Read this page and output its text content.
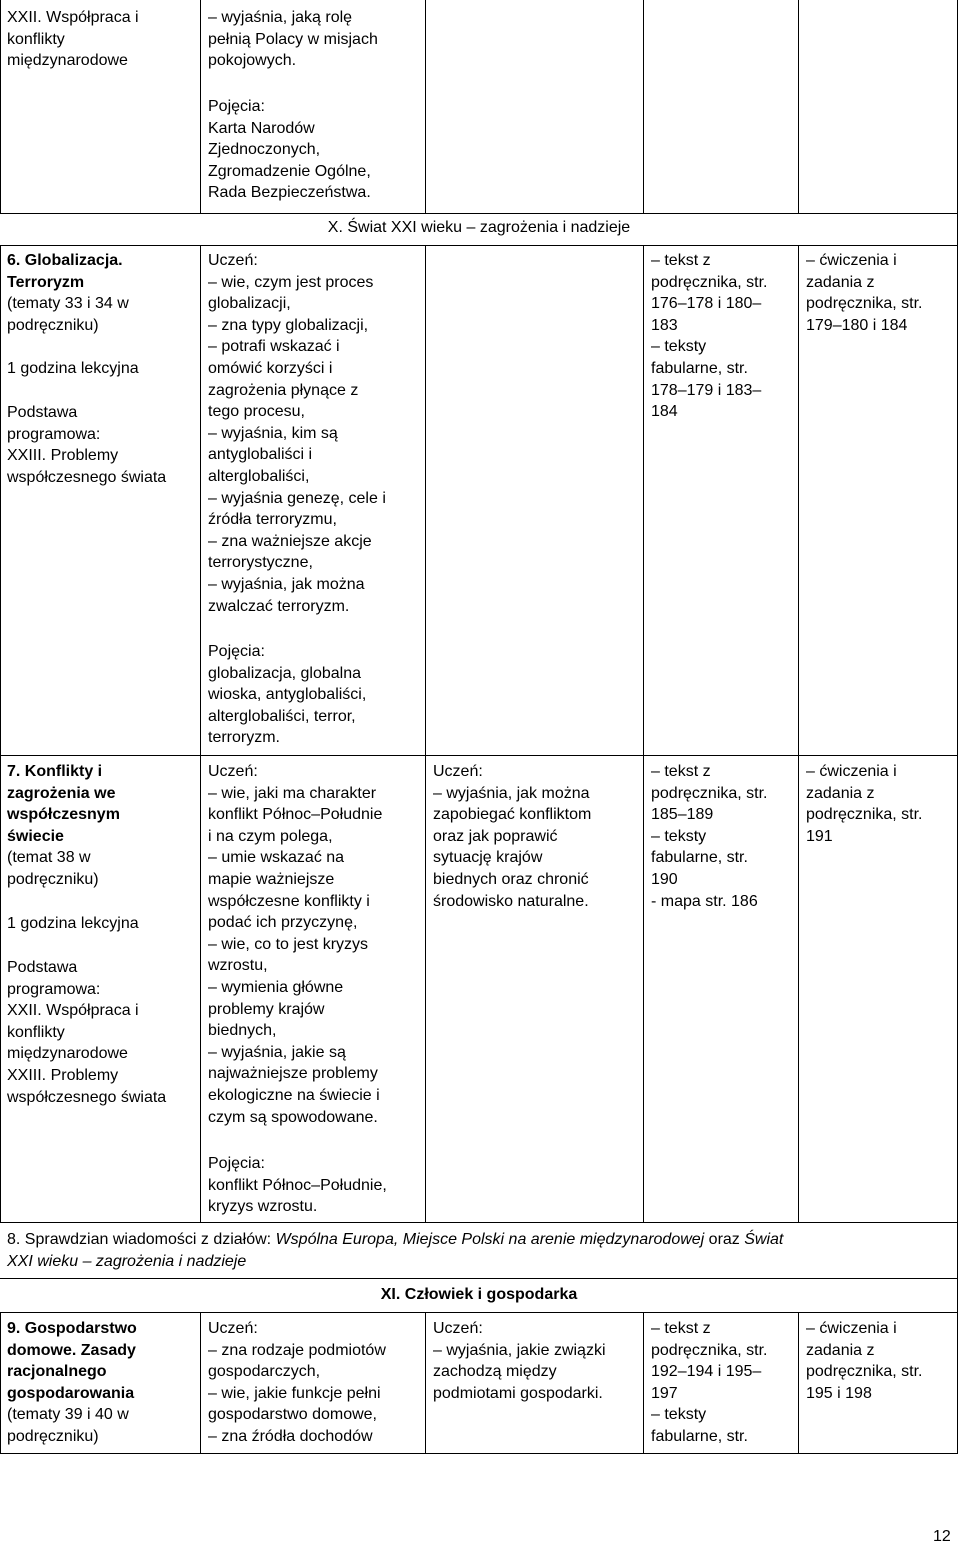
XXII. Współpraca i
konflikty
międzynarodowe
– wyjaśnia, jaką rolę
pełnią Polacy w misjach
pokojowych.
Pojęcia:
Karta Narodów
Zjednoczonych,
Zgromadzenie Ogólne,
Rada Bezpieczeństwa.
X. Świat XXI wieku – zagrożenia i nadzieje
6. Globalizacja.
Terroryzm
(tematy 33 i 34 w
podręczniku)
1 godzina lekcyjna
Podstawa
programowa:
XXIII. Problemy
współczesnego świata
Uczeń:
– wie, czym jest proces
globalizacji,
– zna typy globalizacji,
– potrafi wskazać i
omówić korzyści i
zagrożenia płynące z
tego procesu,
– wyjaśnia, kim są
antyglobaliści i
alterglobaliści,
– wyjaśnia genezę, cele i
źródła terroryzmu,
– zna ważniejsze akcje
terrorystyczne,
– wyjaśnia, jak można
zwalczać terroryzm.
Pojęcia:
globalizacja, globalna
wioska, antyglobaliści,
alterglobaliści, terror,
terroryzm.
– tekst z
podręcznika, str.
176–178 i 180–
183
– teksty
fabularne, str.
178–179 i 183–
184
– ćwiczenia i
zadania z
podręcznika, str.
179–180 i 184
7. Konflikty i
zagrożenia we
współczesnym
świecie
(temat 38 w
podręczniku)
1 godzina lekcyjna
Podstawa
programowa:
XXII. Współpraca i
konflikty
międzynarodowe
XXIII. Problemy
współczesnego świata
Uczeń:
– wie, jaki ma charakter
konflikt Północ–Południe
i na czym polega,
– umie wskazać na
mapie ważniejsze
współczesne konflikty i
podać ich przyczynę,
– wie, co to jest kryzys
wzrostu,
– wymienia główne
problemy krajów
biednych,
– wyjaśnia, jakie są
najważniejsze problemy
ekologiczne na świecie i
czym są spowodowane.
Pojęcia:
konflikt Północ–Południe,
kryzys wzrostu.
Uczeń:
– wyjaśnia, jak można
zapobiegać konfliktom
oraz jak poprawić
sytuację krajów
biednych oraz chronić
środowisko naturalne.
– tekst z
podręcznika, str.
185–189
– teksty
fabularne, str.
190
- mapa str. 186
– ćwiczenia i
zadania z
podręcznika, str.
191
8. Sprawdzian wiadomości z działów: Wspólna Europa, Miejsce Polski na arenie międzynarodowej oraz Świat
XXI wieku – zagrożenia i nadzieje
XI. Człowiek i gospodarka
9. Gospodarstwo
domowe. Zasady
racjonalnego
gospodarowania
(tematy 39 i 40 w
podręczniku)
Uczeń:
– zna rodzaje podmiotów
gospodarczych,
– wie, jakie funkcje pełni
gospodarstwo domowe,
– zna źródła dochodów
Uczeń:
– wyjaśnia, jakie związki
zachodzą między
podmiotami gospodarki.
– tekst z
podręcznika, str.
192–194 i 195–
197
– teksty
fabularne, str.
– ćwiczenia i
zadania z
podręcznika, str.
195 i 198
12
